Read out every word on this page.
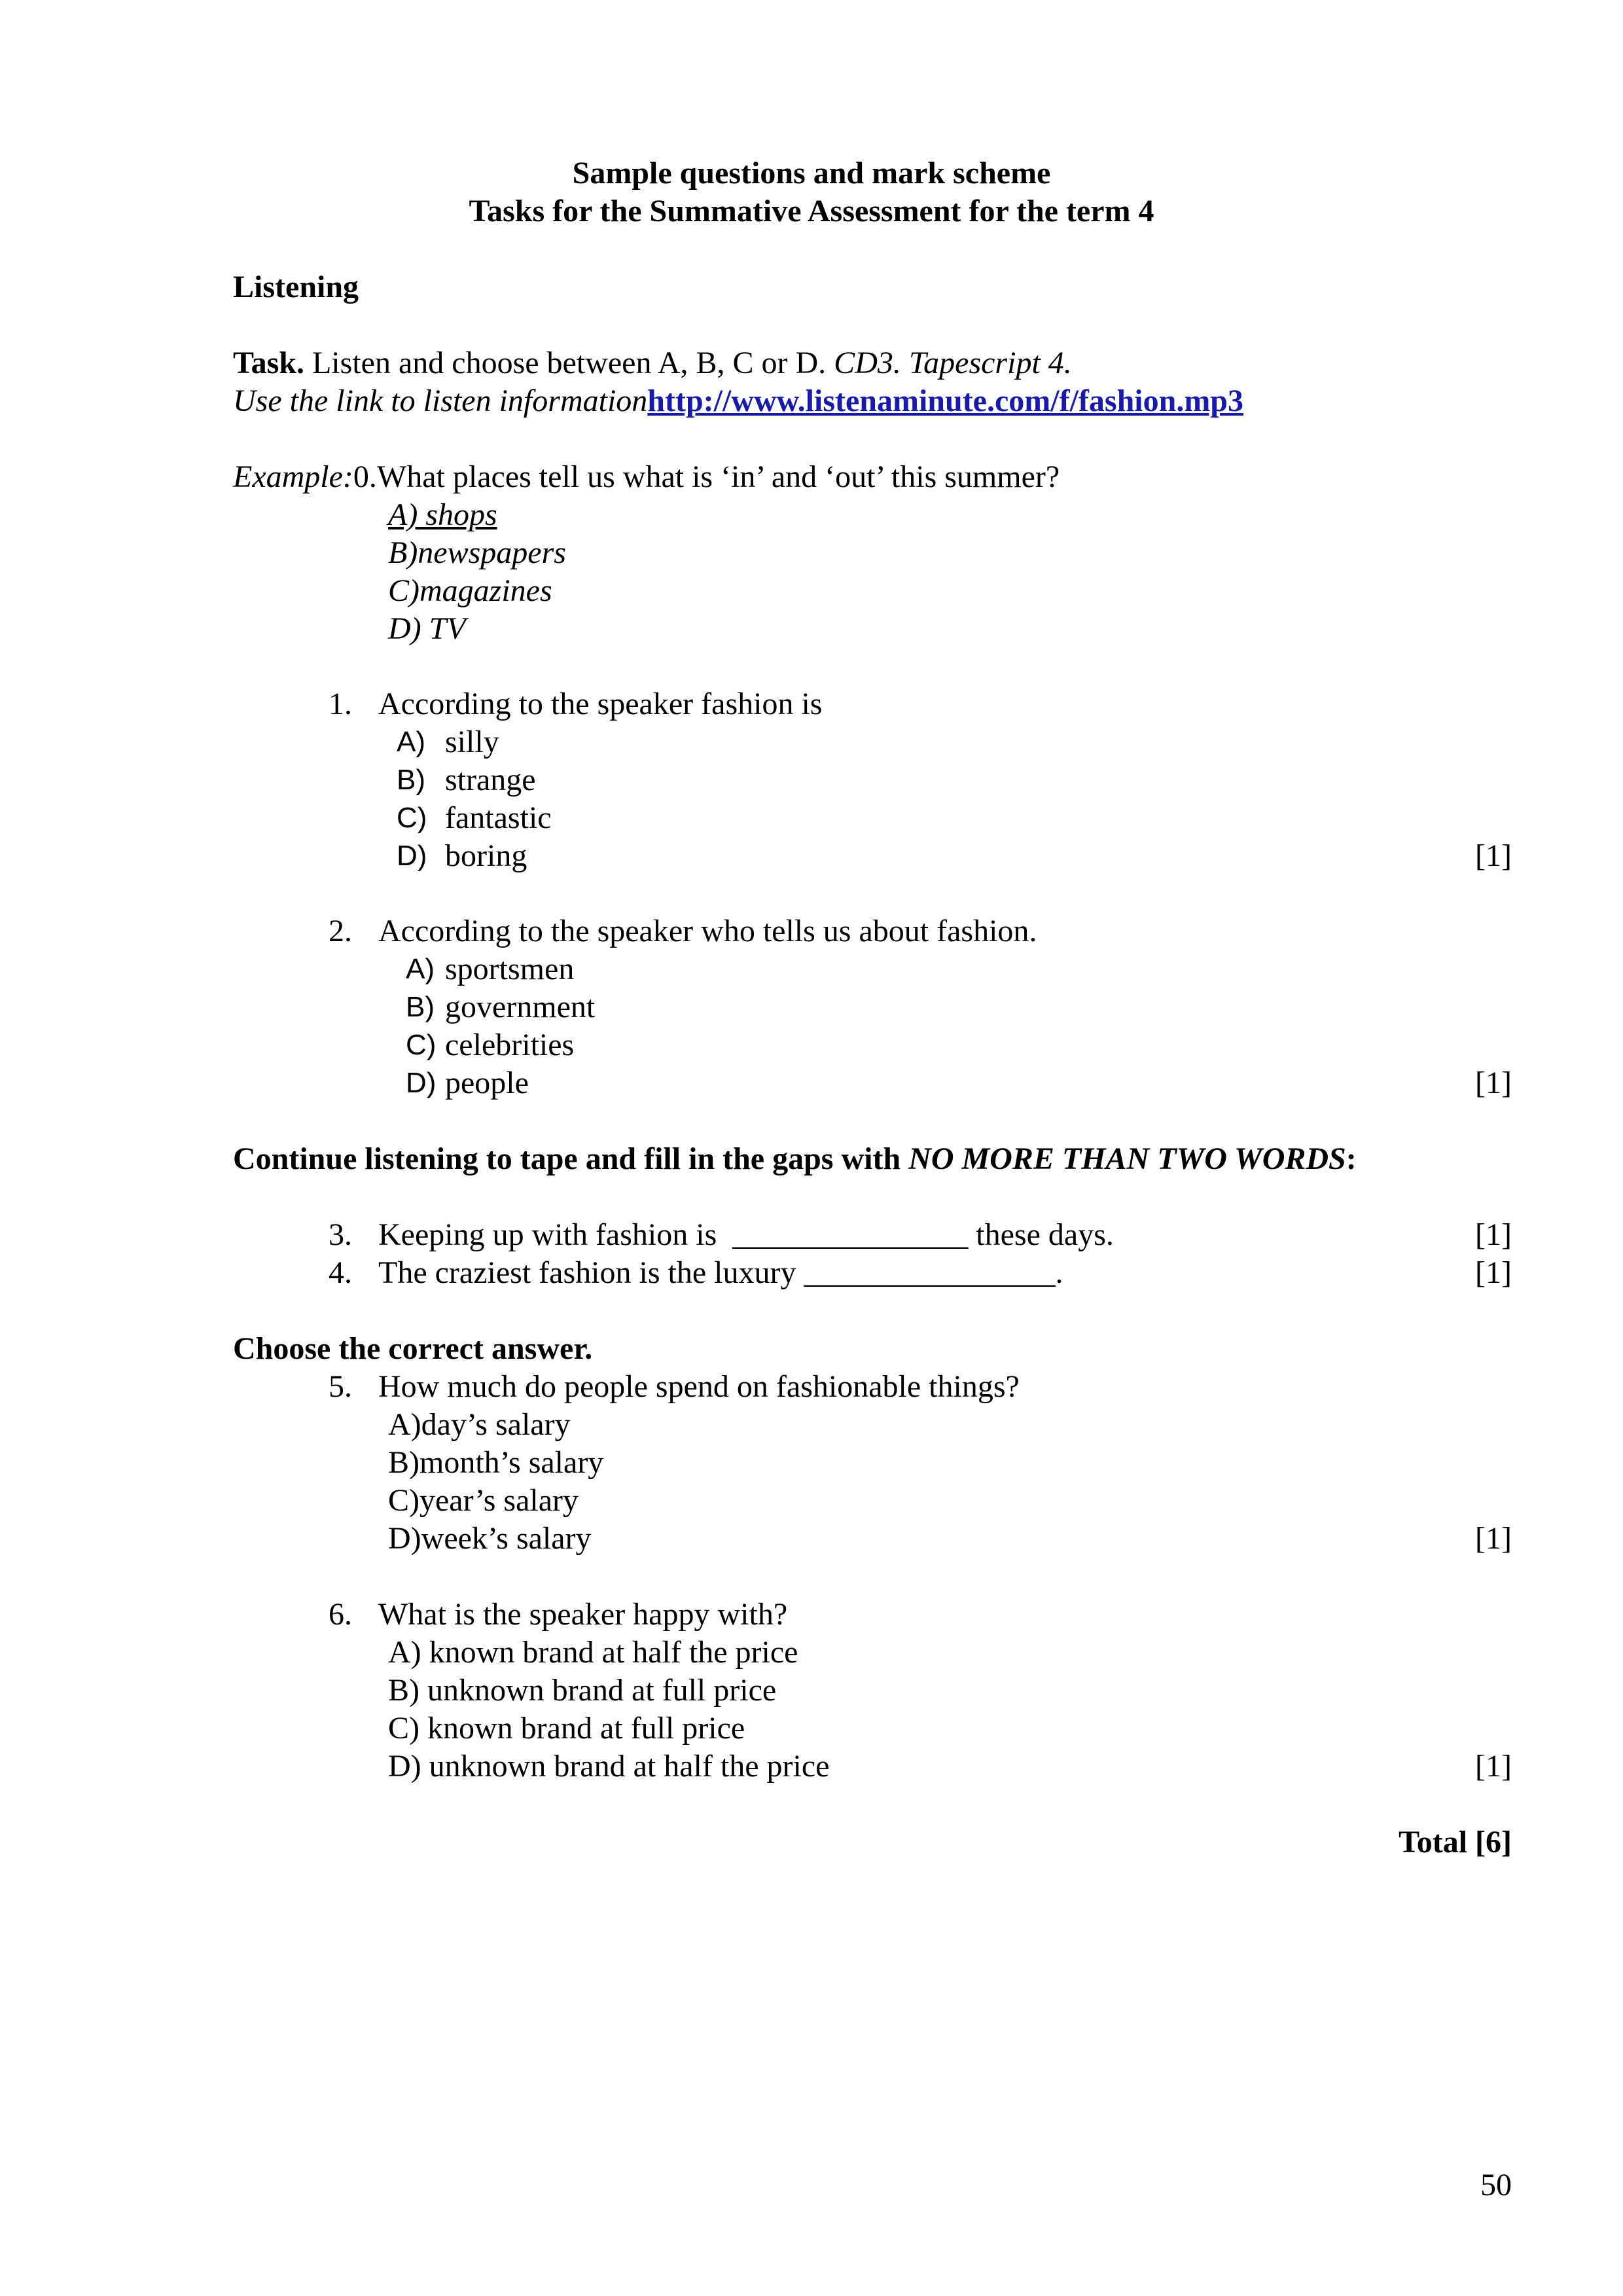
Sample questions and mark scheme
Tasks for the Summative Assessment for the term 4
Listening
Task. Listen and choose between A, B, C or D. CD3. Tapescript 4.
Use the link to listen informationhttp://www.listenaminute.com/f/fashion.mp3
Example:0.What places tell us what is ‘in’ and ‘out’ this summer?
A) shops
B)newspapers
C)magazines
D) TV
1. According to the speaker fashion is
A) silly
B) strange
C) fantastic
D) boring	[1]
2. According to the speaker who tells us about fashion.
A) sportsmen
B) government
C) celebrities
D) people	[1]
Continue listening to tape and fill in the gaps with NO MORE THAN TWO WORDS:
3. Keeping up with fashion is  _______________ these days.	[1]
4. The craziest fashion is the luxury ________________.	[1]
Choose the correct answer.
5. How much do people spend on fashionable things?
A)day’s salary
B)month’s salary
C)year’s salary
D)week’s salary	[1]
6. What is the speaker happy with?
A) known brand at half the price
B) unknown brand at full price
C) known brand at full price
D) unknown brand at half the price	[1]
Total [6]
50
